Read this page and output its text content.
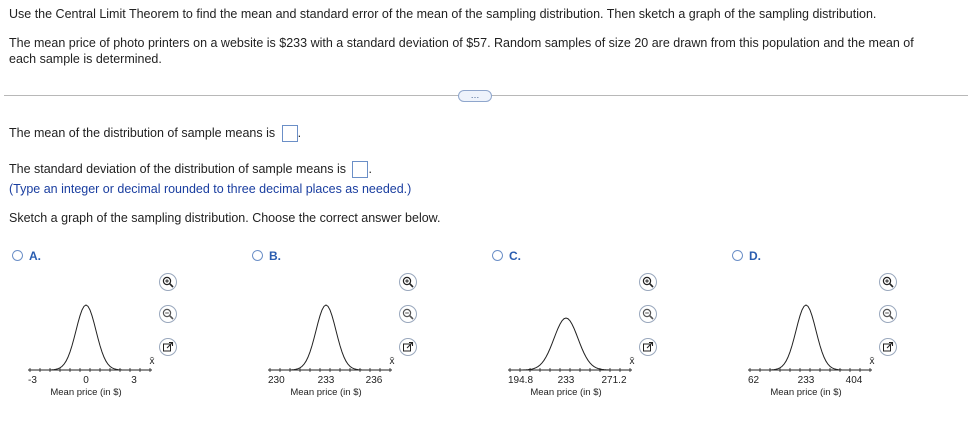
Use the Central Limit Theorem to find the mean and standard error of the mean of the sampling distribution. Then sketch a graph of the sampling distribution.
The mean price of photo printers on a website is $233 with a standard deviation of $57. Random samples of size 20 are drawn from this population and the mean of
each sample is determined.
…
The mean of the distribution of sample means is .
The standard deviation of the distribution of sample means is .
(Type an integer or decimal rounded to three decimal places as needed.)
Sketch a graph of the sampling distribution. Choose the correct answer below.
A.
-3	0	3
x̄
Mean price (in $)
B.
230	233	236
x̄
Mean price (in $)
C.
194.8 233	271.2
x̄
Mean price (in $)
D.
62	233	404
x̄
Mean price (in $)
